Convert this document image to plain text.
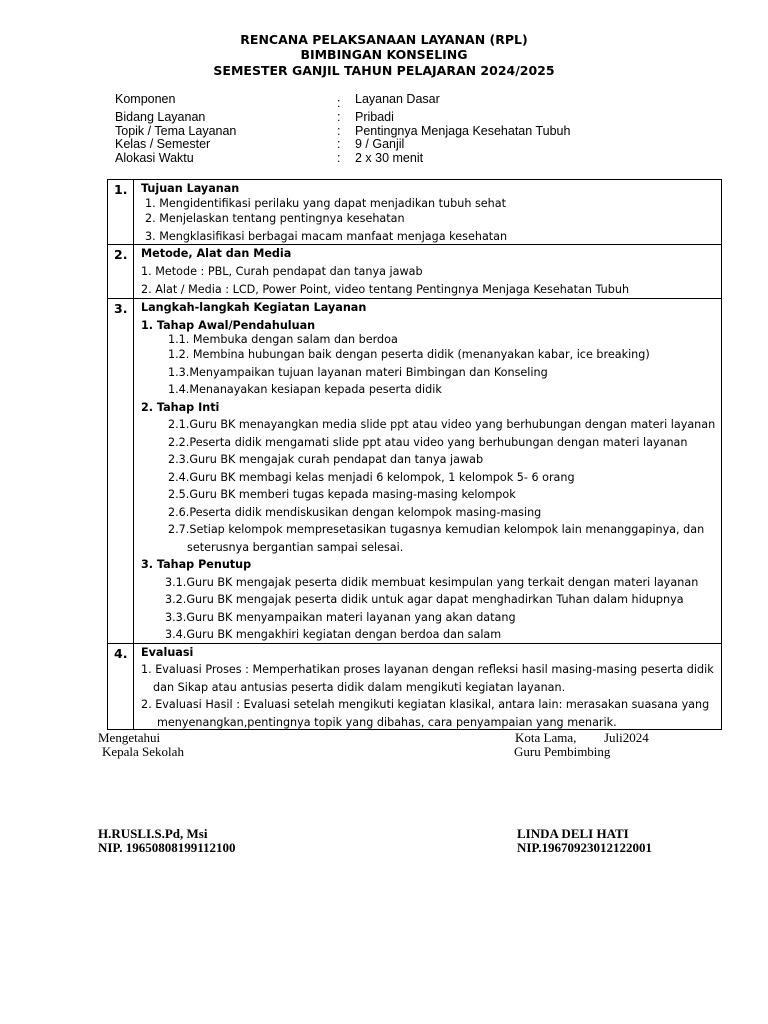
RENCANA PELAKSANAAN LAYANAN (RPL)
BIMBINGAN KONSELING
SEMESTER GANJIL TAHUN PELAJARAN 2024/2025
Komponen	: Layanan Dasar
Bidang Layanan	: Pribadi
Topik / Tema Layanan	: Pentingnya Menjaga Kesehatan Tubuh
Kelas / Semester	: 9 / Ganjil
Alokasi Waktu	: 2 x 30 menit
1. Tujuan Layanan
1. Mengidentifikasi perilaku yang dapat menjadikan tubuh sehat
2. Menjelaskan tentang pentingnya kesehatan
3. Mengklasifikasi berbagai macam manfaat menjaga kesehatan
2. Metode, Alat dan Media
1. Metode : PBL, Curah pendapat dan tanya jawab
2. Alat / Media : LCD, Power Point, video tentang Pentingnya Menjaga Kesehatan Tubuh
3. Langkah-langkah Kegiatan Layanan
1. Tahap Awal/Pendahuluan
1.1. Membuka dengan salam dan berdoa
1.2. Membina hubungan baik dengan peserta didik (menanyakan kabar, ice breaking)
1.3.Menyampaikan tujuan layanan materi Bimbingan dan Konseling
1.4.Menanayakan kesiapan kepada peserta didik
2. Tahap Inti
2.1.Guru BK menayangkan media slide ppt atau video yang berhubungan dengan materi layanan
2.2.Peserta didik mengamati slide ppt atau video yang berhubungan dengan materi layanan
2.3.Guru BK mengajak curah pendapat dan tanya jawab
2.4.Guru BK membagi kelas menjadi 6 kelompok, 1 kelompok 5- 6 orang
2.5.Guru BK memberi tugas kepada masing-masing kelompok
2.6.Peserta didik mendiskusikan dengan kelompok masing-masing
2.7.Setiap kelompok mempresetasikan tugasnya kemudian kelompok lain menanggapinya, dan
seterusnya bergantian sampai selesai.
3. Tahap Penutup
3.1.Guru BK mengajak peserta didik membuat kesimpulan yang terkait dengan materi layanan
3.2.Guru BK mengajak peserta didik untuk agar dapat menghadirkan Tuhan dalam hidupnya
3.3.Guru BK menyampaikan materi layanan yang akan datang
3.4.Guru BK mengakhiri kegiatan dengan berdoa dan salam
4. Evaluasi
1. Evaluasi Proses : Memperhatikan proses layanan dengan refleksi hasil masing-masing peserta didik
dan Sikap atau antusias peserta didik dalam mengikuti kegiatan layanan.
2. Evaluasi Hasil : Evaluasi setelah mengikuti kegiatan klasikal, antara lain: merasakan suasana yang
menyenangkan,pentingnya topik yang dibahas, cara penyampaian yang menarik.
Mengetahui
Kepala Sekolah
H.RUSLI.S.Pd, Msi
NIP. 19650808199112100
Kota Lama, Juli2024
Guru Pembimbing
LINDA DELI HATI
NIP.19670923012122001
